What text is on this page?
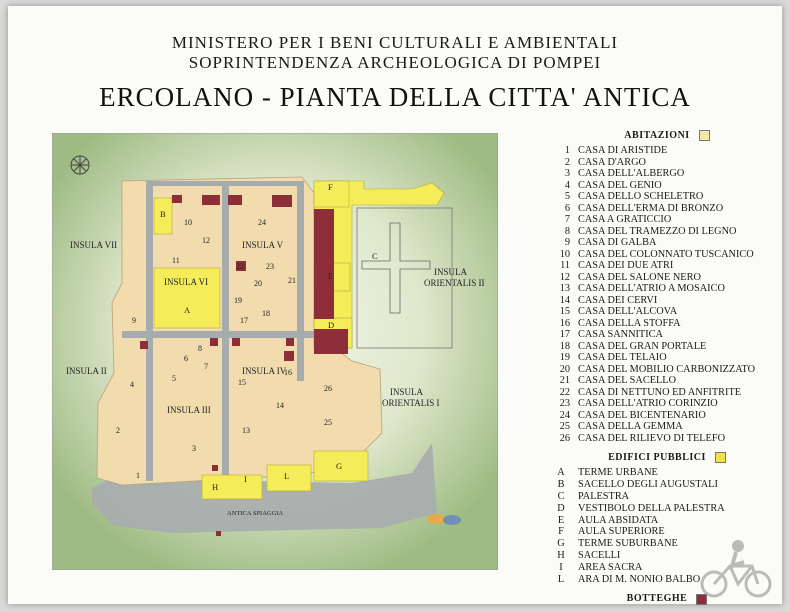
MINISTERO PER I BENI CULTURALI E AMBIENTALI
SOPRINTENDENZA ARCHEOLOGICA DI POMPEI
ERCOLANO - PIANTA DELLA CITTA' ANTICA
INSULA VII
INSULA VI
INSULA V
INSULA II
INSULA III
INSULA IV
INSULA
ORIENTALIS II
INSULA
ORIENTALIS I
A
B
C
D
E
F
G
H
I	L
1
2
3
4
5
6
7
8
9
10
11
12
13
14
15
16
17
18
19
20	21
22	23
24
25
26
ANTICA SPIAGGIA
ABITAZIONI
1 CASA DI ARISTIDE
2 CASA D'ARGO
3 CASA DELL'ALBERGO
4 CASA DEL GENIO
5 CASA DELLO SCHELETRO
6 CASA DELL'ERMA DI BRONZO
7 CASA A GRATICCIO
8 CASA DEL TRAMEZZO DI LEGNO
9 CASA DI GALBA
10 CASA DEL COLONNATO TUSCANICO
11 CASA DEI DUE ATRI
12 CASA DEL SALONE NERO
13 CASA DELL'ATRIO A MOSAICO
14 CASA DEI CERVI
15 CASA DELL'ALCOVA
16 CASA DELLA STOFFA
17 CASA SANNITICA
18 CASA DEL GRAN PORTALE
19 CASA DEL TELAIO
20 CASA DEL MOBILIO CARBONIZZATO
21 CASA DEL SACELLO
22 CASA DI NETTUNO ED ANFITRITE
23 CASA DELL'ATRIO CORINZIO
24 CASA DEL BICENTENARIO
25 CASA DELLA GEMMA
26 CASA DEL RILIEVO DI TELEFO
EDIFICI PUBBLICI
A	TERME URBANE
B	SACELLO DEGLI AUGUSTALI
C	PALESTRA
D	VESTIBOLO DELLA PALESTRA
E	AULA ABSIDATA
F	AULA SUPERIORE
G	TERME SUBURBANE
H	SACELLI
I	AREA SACRA
L	ARA DI M. NONIO BALBO
BOTTEGHE
